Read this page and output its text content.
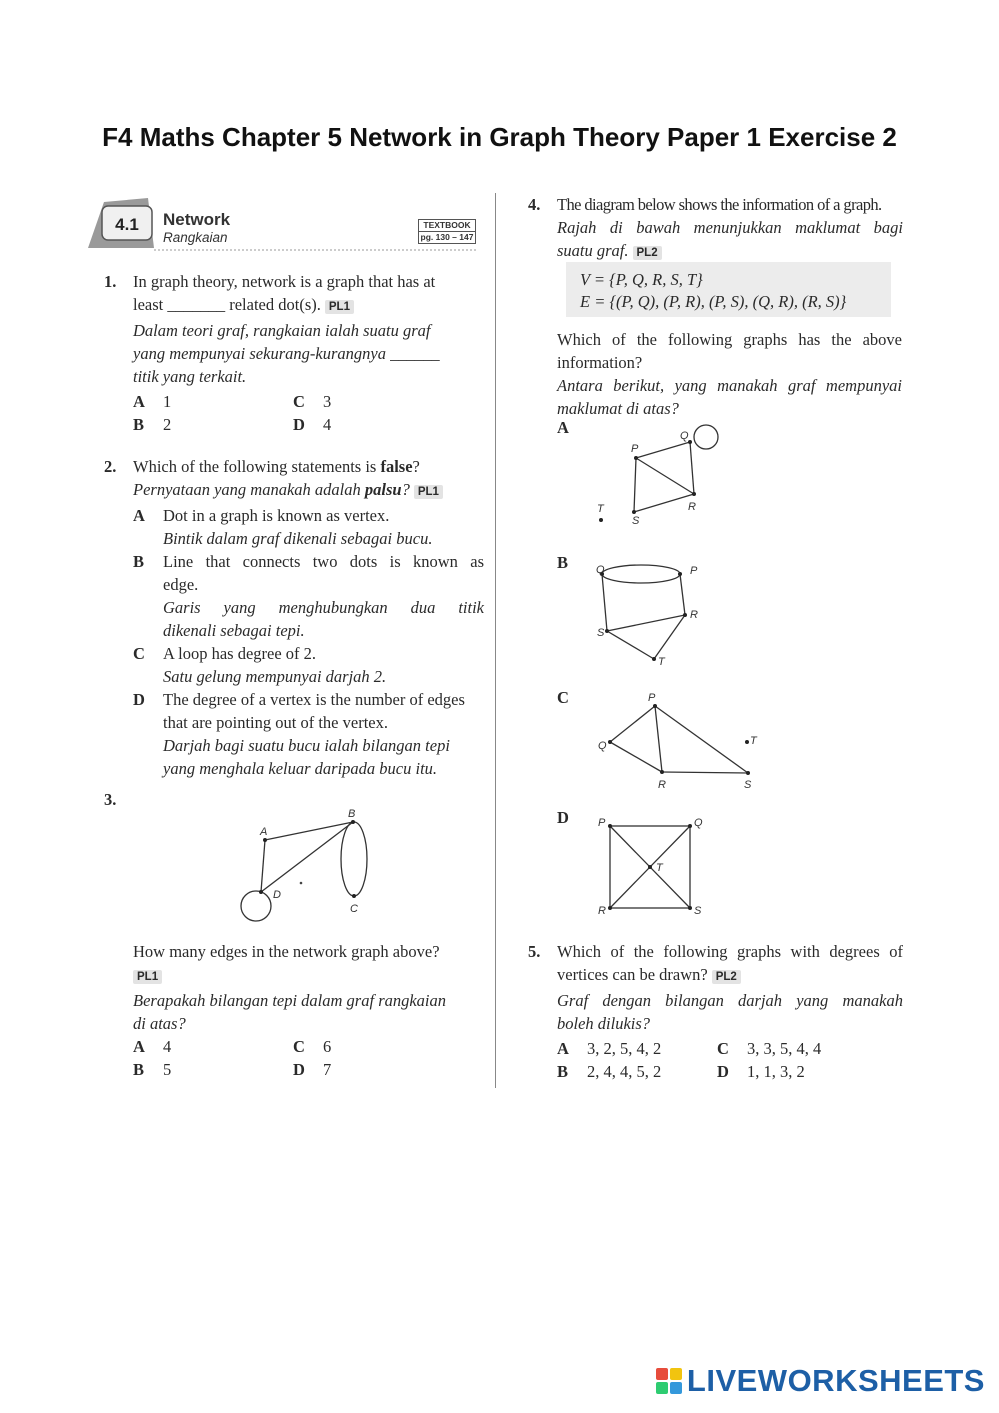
F4 Maths Chapter 5 Network in Graph Theory Paper 1 Exercise 2
4.1	Network
Rangkaian
TEXTBOOK
pg. 130 – 147
1.	In graph theory, network is a graph that has at
least _______ related dot(s). PL1
Dalam teori graf, rangkaian ialah suatu graf
yang mempunyai sekurang-kurangnya ______
titik yang terkait.
A 1	C 3
B 2	D 4
2.	Which of the following statements is false?
Pernyataan yang manakah adalah palsu? PL1
A	Dot in a graph is known as vertex.
Bintik dalam graf dikenali sebagai bucu.
B	Line that connects two dots is known as
edge.
Garis yang menghubungkan dua titik
dikenali sebagai tepi.
C	A loop has degree of 2.
Satu gelung mempunyai darjah 2.
D	The degree of a vertex is the number of edges
that are pointing out of the vertex.
Darjah bagi suatu bucu ialah bilangan tepi
yang menghala keluar daripada bucu itu.
3.
A
B
C
D
How many edges in the network graph above?
PL1
Berapakah bilangan tepi dalam graf rangkaian
di atas?
A 4	C 6
B 5	D 7
4.	The diagram below shows the information of a graph.
Rajah di bawah menunjukkan maklumat bagi
suatu graf. PL2
V = {P, Q, R, S, T}
E = {(P, Q), (P, R), (P, S), (Q, R), (R, S)}
Which of the following graphs has the above
information?
Antara berikut, yang manakah graf mempunyai
maklumat di atas?
A
P
Q
R
S
T
B	P
Q
R
S
T
C	P
Q
R	S
T
D	P	Q
R	S
T
5.	Which of the following graphs with degrees of
vertices can be drawn? PL2
Graf dengan bilangan darjah yang manakah
boleh dilukis?
A 3, 2, 5, 4, 2	C 3, 3, 5, 4, 4
B 2, 4, 4, 5, 2	D 1, 1, 3, 2
LIVEWORKSHEETS
